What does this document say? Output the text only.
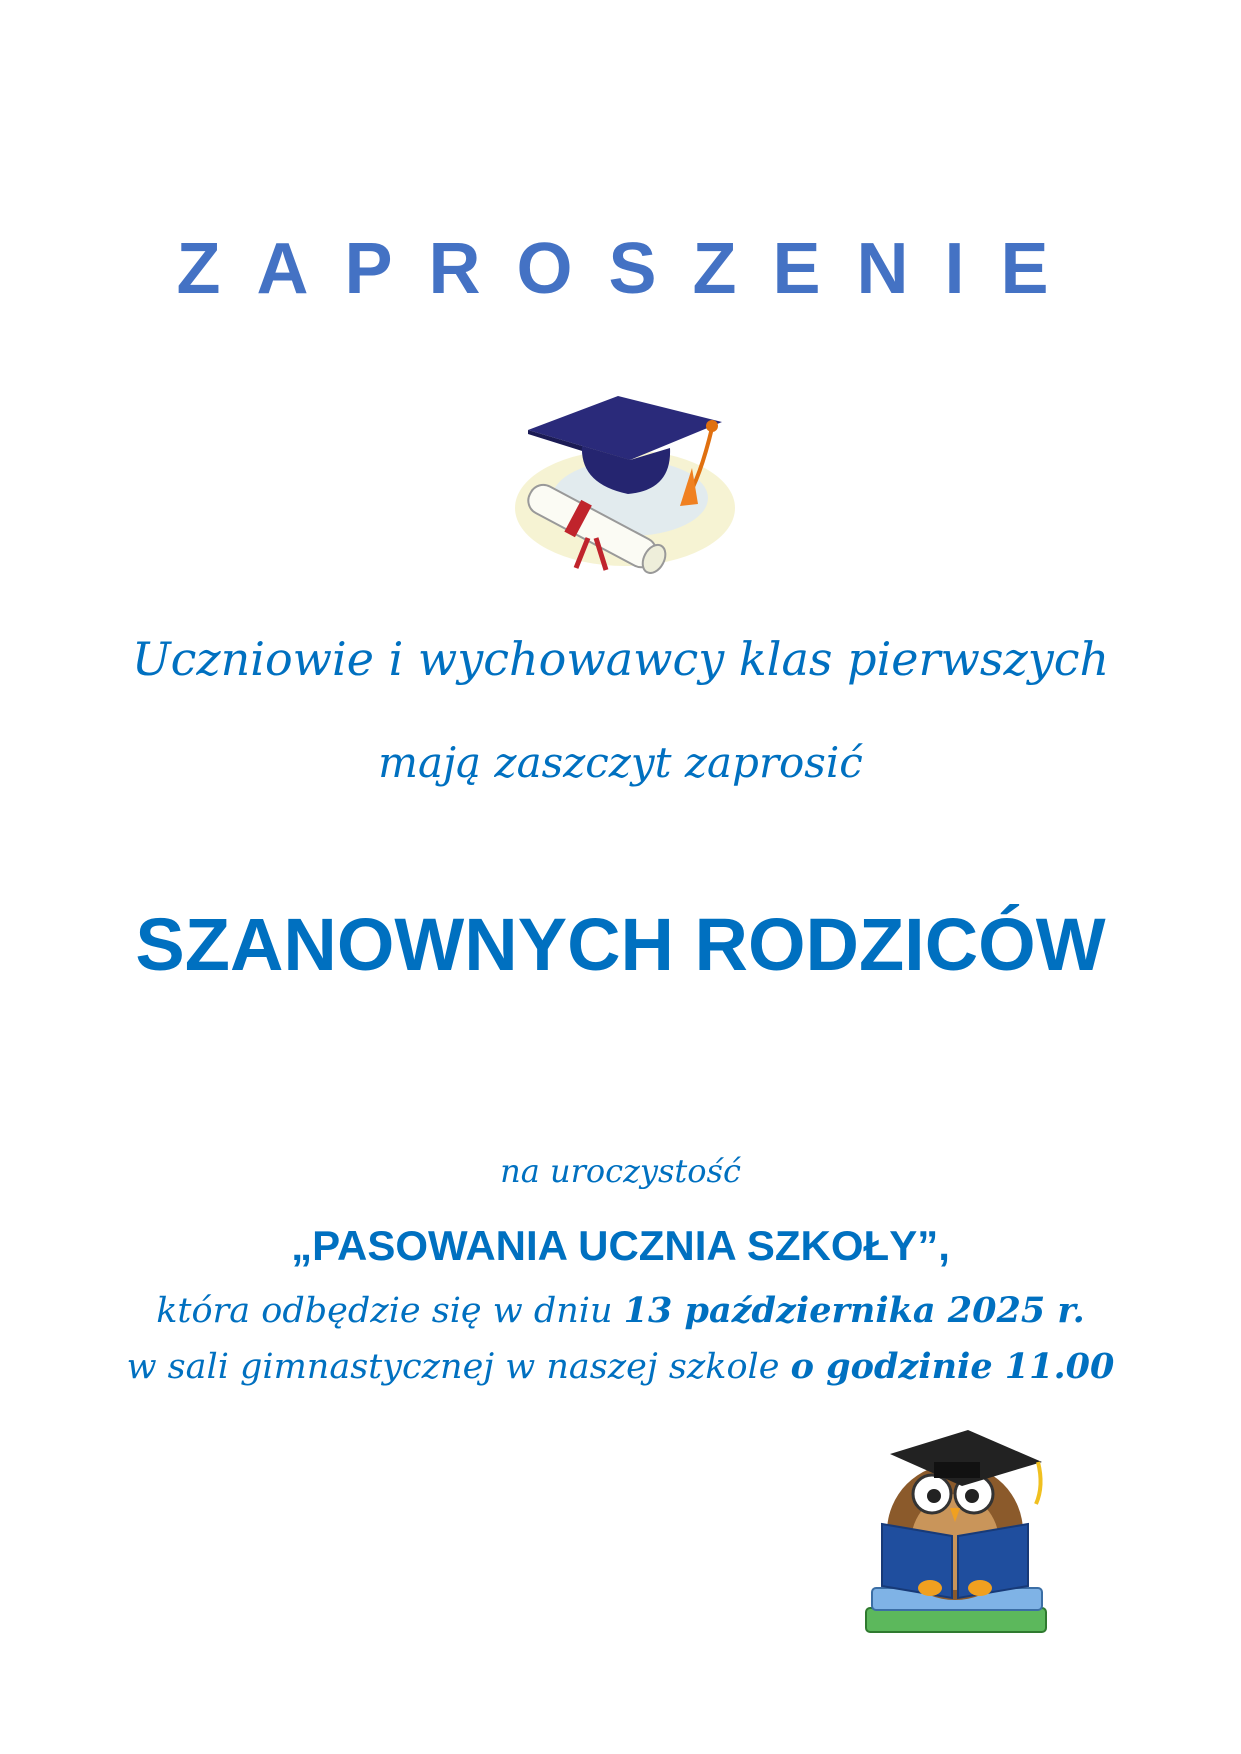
ZAPROSZENIE
Uczniowie i wychowawcy klas pierwszych
mają zaszczyt zaprosić
SZANOWNYCH RODZICÓW
na uroczystość
„PASOWANIA UCZNIA SZKOŁY”,
która odbędzie się w dniu 13 października 2025 r.
w sali gimnastycznej w naszej szkole o godzinie 11.00
